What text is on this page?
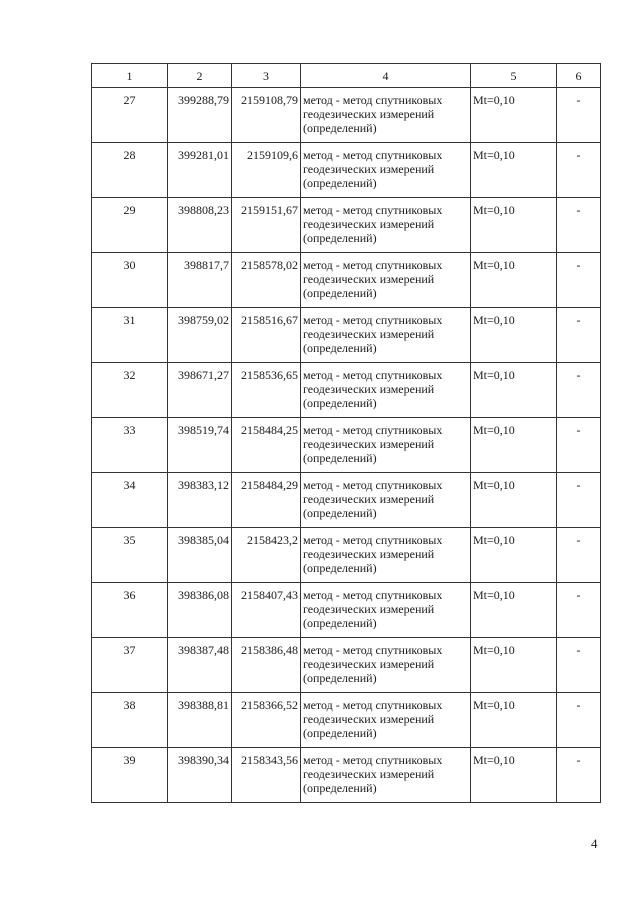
1	2	3	4	5	6
27	399288,79	2159108,79	метод - метод спутниковых
геодезических измерений
(определений)	Mt=0,10	-
28	399281,01	2159109,6	метод - метод спутниковых
геодезических измерений
(определений)	Mt=0,10	-
29	398808,23	2159151,67	метод - метод спутниковых
геодезических измерений
(определений)	Mt=0,10	-
30	398817,7	2158578,02	метод - метод спутниковых
геодезических измерений
(определений)	Mt=0,10	-
31	398759,02	2158516,67	метод - метод спутниковых
геодезических измерений
(определений)	Mt=0,10	-
32	398671,27	2158536,65	метод - метод спутниковых
геодезических измерений
(определений)	Mt=0,10	-
33	398519,74	2158484,25	метод - метод спутниковых
геодезических измерений
(определений)	Mt=0,10	-
34	398383,12	2158484,29	метод - метод спутниковых
геодезических измерений
(определений)	Mt=0,10	-
35	398385,04	2158423,2	метод - метод спутниковых
геодезических измерений
(определений)	Mt=0,10	-
36	398386,08	2158407,43	метод - метод спутниковых
геодезических измерений
(определений)	Mt=0,10	-
37	398387,48	2158386,48	метод - метод спутниковых
геодезических измерений
(определений)	Mt=0,10	-
38	398388,81	2158366,52	метод - метод спутниковых
геодезических измерений
(определений)	Mt=0,10	-
39	398390,34	2158343,56	метод - метод спутниковых
геодезических измерений
(определений)	Mt=0,10	-
4
